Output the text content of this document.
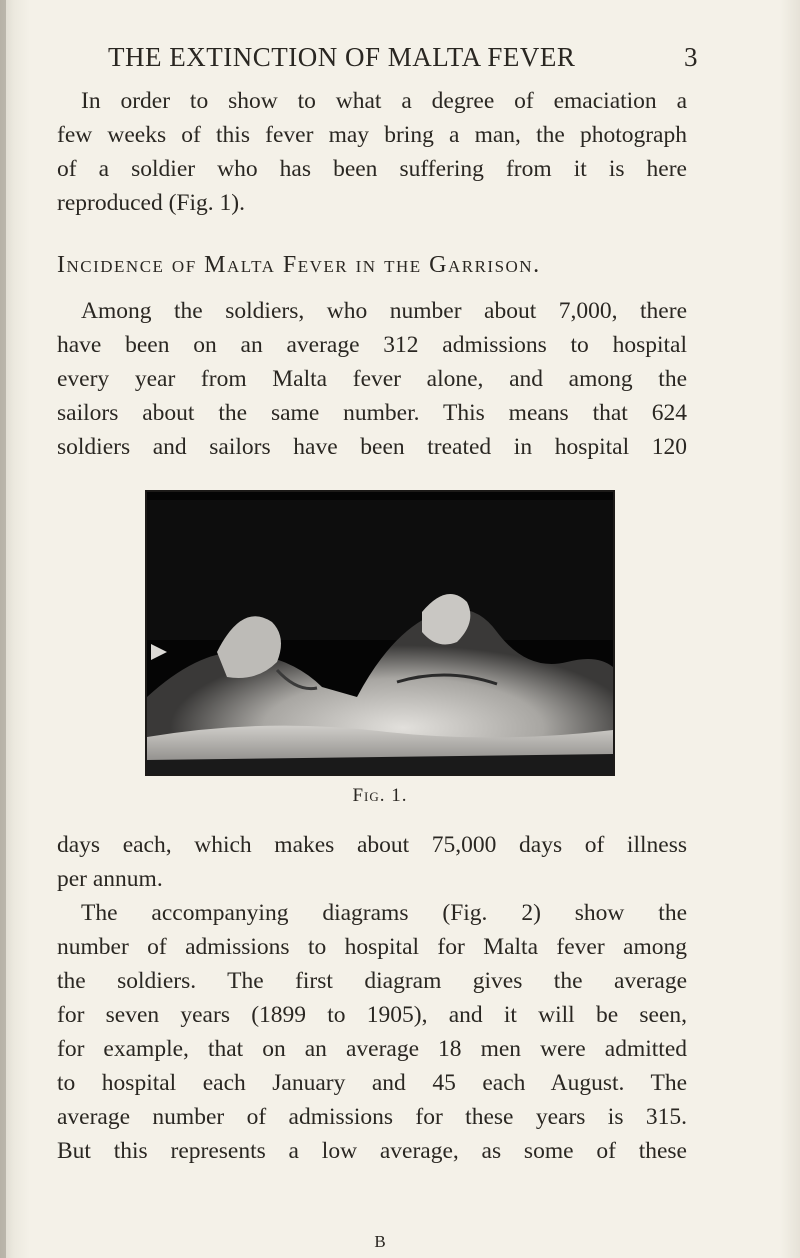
THE EXTINCTION OF MALTA FEVER	3
In order to show to what a degree of emaciation a
few weeks of this fever may bring a man, the photograph
of a soldier who has been suffering from it is here
reproduced (Fig. 1).
Incidence of Malta Fever in the Garrison.
Among the soldiers, who number about 7,000, there
have been on an average 312 admissions to hospital
every year from Malta fever alone, and among the
sailors about the same number. This means that 624
soldiers and sailors have been treated in hospital 120
Fig. 1.
days each, which makes about 75,000 days of illness
per annum.
The accompanying diagrams (Fig. 2) show the
number of admissions to hospital for Malta fever among
the soldiers. The first diagram gives the average
for seven years (1899 to 1905), and it will be seen,
for example, that on an average 18 men were admitted
to hospital each January and 45 each August. The
average number of admissions for these years is 315.
But this represents a low average, as some of these
B
